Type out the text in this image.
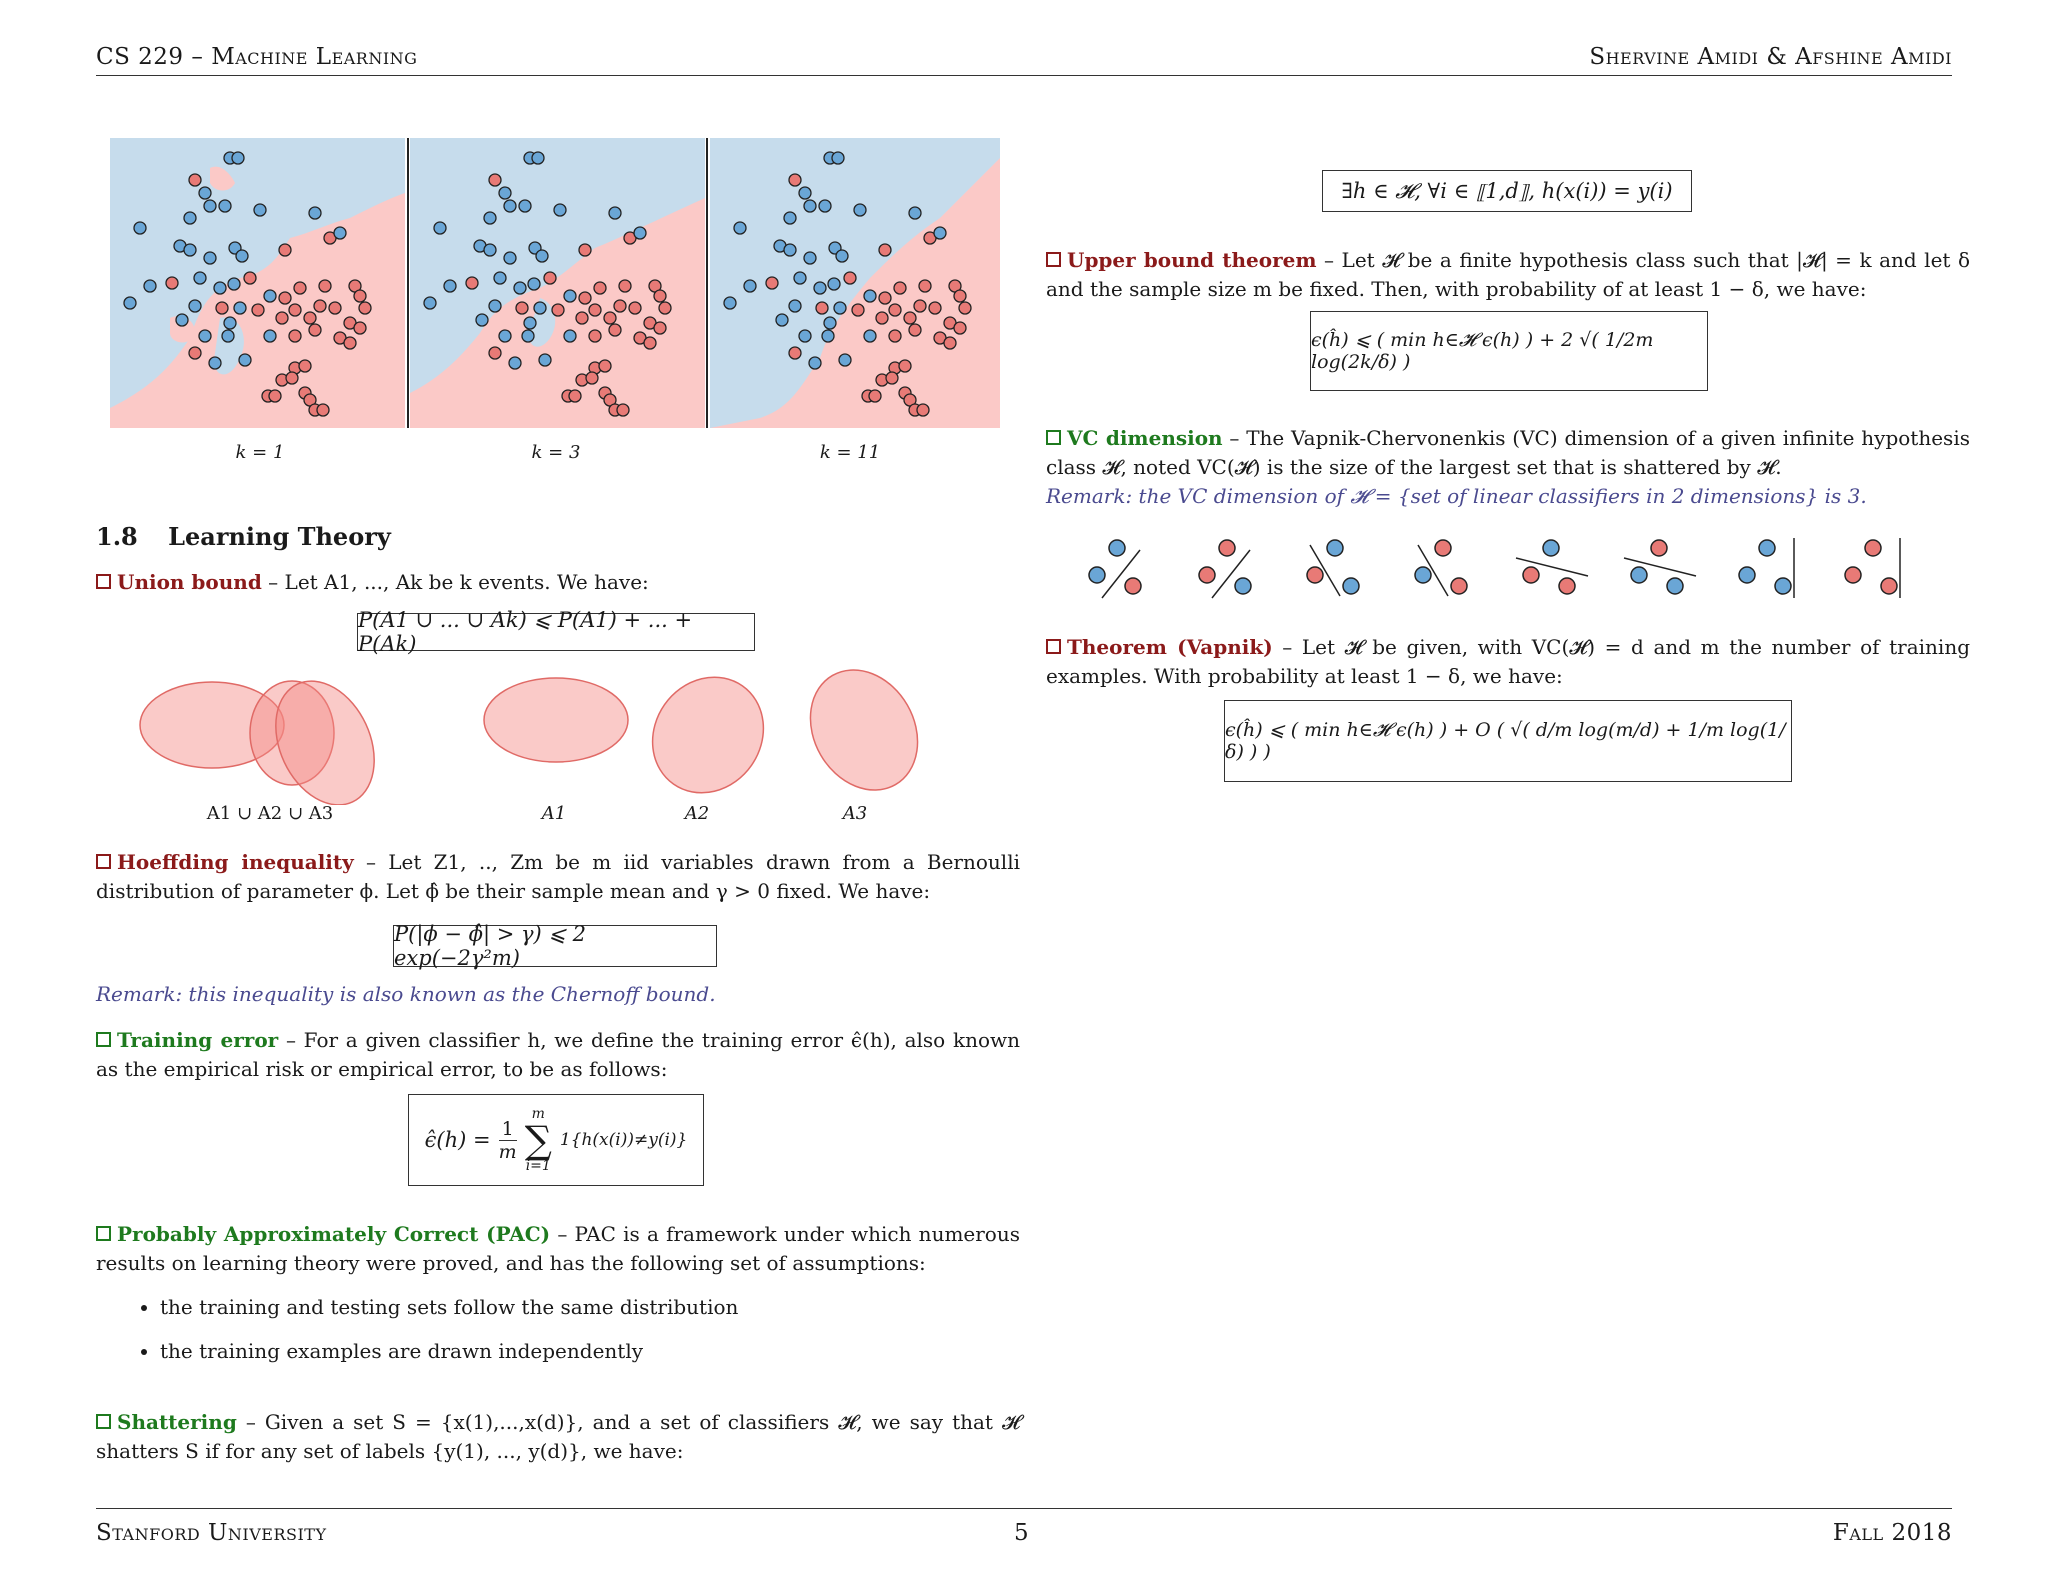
CS 229 – Machine Learning	Shervine Amidi & Afshine Amidi
k = 1	k = 3	k = 11
1.8 Learning Theory
Union bound – Let A1, ..., Ak be k events. We have:
P(A1 ∪ ... ∪ Ak) ⩽ P(A1) + ... + P(Ak)
A1 ∪ A2 ∪ A3	A1	A2	A3
Hoeffding inequality – Let Z1, .., Zm be m iid variables drawn from a Bernoulli distribution of parameter ϕ. Let ϕ̂ be their sample mean and γ > 0 fixed. We have:
P(|ϕ − ϕ̂| > γ) ⩽ 2 exp(−2γ²m)
Remark: this inequality is also known as the Chernoff bound.
Training error – For a given classifier h, we define the training error ϵ̂(h), also known as the empirical risk or empirical error, to be as follows:
ϵ̂(h) = $\frac{1}{m}$
m
∑
i=1
1{h(x(i))≠y(i)}
Probably Approximately Correct (PAC) – PAC is a framework under which numerous results on learning theory were proved, and has the following set of assumptions:
• the training and testing sets follow the same distribution
• the training examples are drawn independently
Shattering – Given a set S = {x(1),...,x(d)}, and a set of classifiers 𝓗, we say that 𝓗 shatters S if for any set of labels {y(1), ..., y(d)}, we have:
∃h ∈ 𝓗, ∀i ∈ ⟦1,d⟧, h(x(i)) = y(i)
Upper bound theorem – Let 𝓗 be a finite hypothesis class such that |𝓗| = k and let δ and the sample size m be fixed. Then, with probability of at least 1 − δ, we have:
ϵ(ĥ) ⩽ ( min h∈𝓗 ϵ(h) ) + 2 √( 1/2m log(2k/δ) )
VC dimension – The Vapnik-Chervonenkis (VC) dimension of a given infinite hypothesis class 𝓗, noted VC(𝓗) is the size of the largest set that is shattered by 𝓗.
Remark: the VC dimension of 𝓗 = {set of linear classifiers in 2 dimensions} is 3.
Theorem (Vapnik) – Let 𝓗 be given, with VC(𝓗) = d and m the number of training examples. With probability at least 1 − δ, we have:
ϵ(ĥ) ⩽ ( min h∈𝓗 ϵ(h) ) + O ( √( d/m log(m/d) + 1/m log(1/δ) ) )
Stanford University	5	Fall 2018
